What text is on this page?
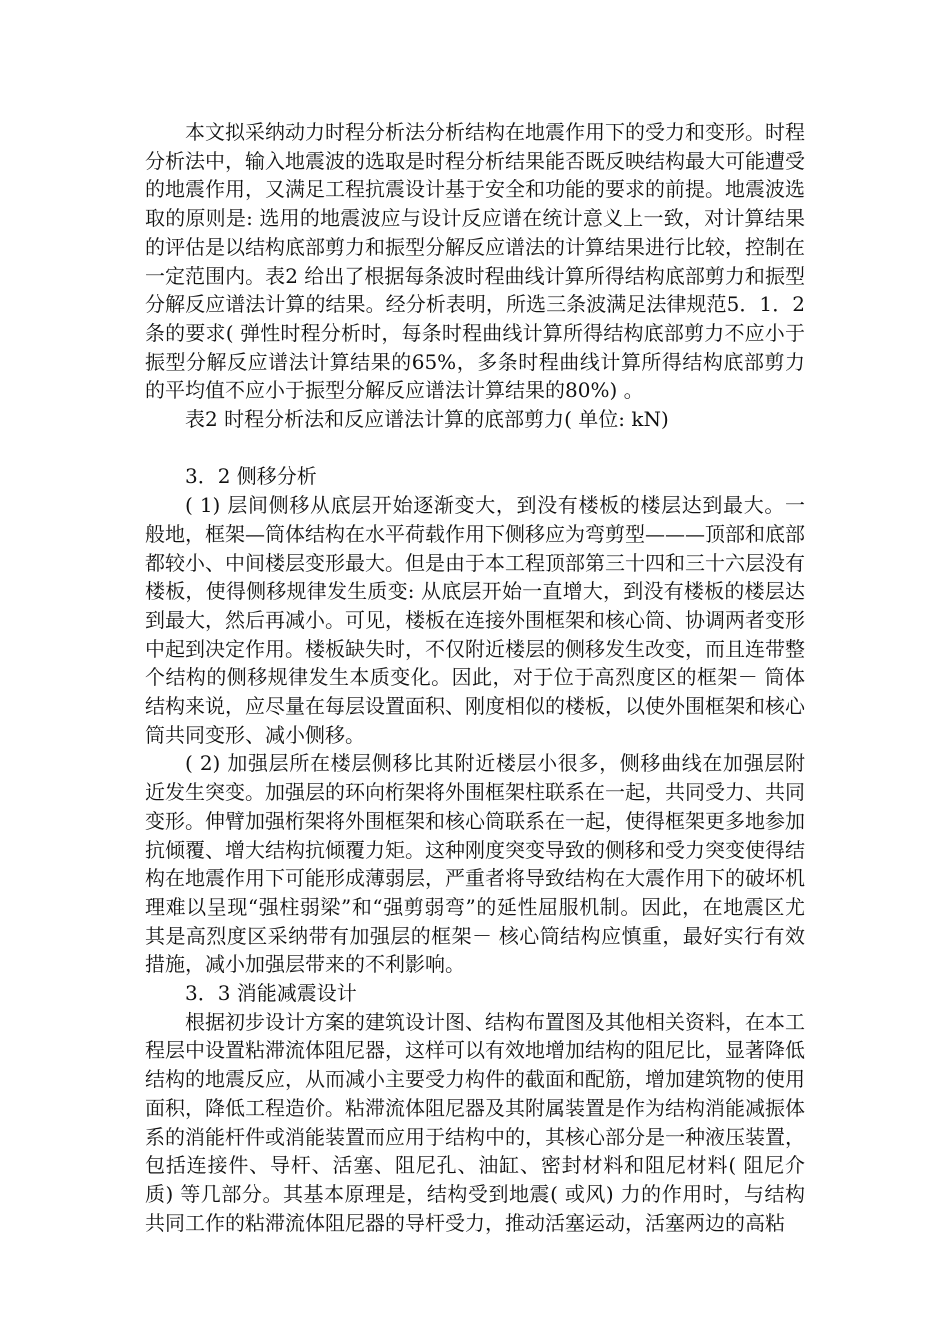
本文拟采纳动力时程分析法分析结构在地震作用下的受力和变形。时程分析法中，输入地震波的选取是时程分析结果能否既反映结构最大可能遭受的地震作用，又满足工程抗震设计基于安全和功能的要求的前提。地震波选取的原则是: 选用的地震波应与设计反应谱在统计意义上一致，对计算结果的评估是以结构底部剪力和振型分解反应谱法的计算结果进行比较，控制在一定范围内。表2 给出了根据每条波时程曲线计算所得结构底部剪力和振型分解反应谱法计算的结果。经分析表明，所选三条波满足法律规范5．1．2 条的要求( 弹性时程分析时，每条时程曲线计算所得结构底部剪力不应小于振型分解反应谱法计算结果的65%，多条时程曲线计算所得结构底部剪力的平均值不应小于振型分解反应谱法计算结果的80%) 。

表2 时程分析法和反应谱法计算的底部剪力( 单位: kN)

3．2 侧移分析

( 1) 层间侧移从底层开始逐渐变大，到没有楼板的楼层达到最大。一般地，框架—筒体结构在水平荷载作用下侧移应为弯剪型———顶部和底部都较小、中间楼层变形最大。但是由于本工程顶部第三十四和三十六层没有楼板，使得侧移规律发生质变: 从底层开始一直增大，到没有楼板的楼层达到最大，然后再减小。可见，楼板在连接外围框架和核心筒、协调两者变形中起到决定作用。楼板缺失时，不仅附近楼层的侧移发生改变，而且连带整个结构的侧移规律发生本质变化。因此，对于位于高烈度区的框架－ 筒体结构来说，应尽量在每层设置面积、刚度相似的楼板，以使外围框架和核心筒共同变形、减小侧移。

( 2) 加强层所在楼层侧移比其附近楼层小很多，侧移曲线在加强层附近发生突变。加强层的环向桁架将外围框架柱联系在一起，共同受力、共同变形。伸臂加强桁架将外围框架和核心筒联系在一起，使得框架更多地参加抗倾覆、增大结构抗倾覆力矩。这种刚度突变导致的侧移和受力突变使得结构在地震作用下可能形成薄弱层，严重者将导致结构在大震作用下的破坏机理难以呈现“强柱弱梁”和“强剪弱弯”的延性屈服机制。因此，在地震区尤其是高烈度区采纳带有加强层的框架－ 核心筒结构应慎重，最好实行有效措施，减小加强层带来的不利影响。

3．3 消能减震设计

根据初步设计方案的建筑设计图、结构布置图及其他相关资料，在本工程层中设置粘滞流体阻尼器，这样可以有效地增加结构的阻尼比，显著降低结构的地震反应，从而减小主要受力构件的截面和配筋，增加建筑物的使用面积，降低工程造价。粘滞流体阻尼器及其附属装置是作为结构消能减振体系的消能杆件或消能装置而应用于结构中的，其核心部分是一种液压装置，包括连接件、导杆、活塞、阻尼孔、油缸、密封材料和阻尼材料( 阻尼介质) 等几部分。其基本原理是，结构受到地震( 或风) 力的作用时，与结构共同工作的粘滞流体阻尼器的导杆受力，推动活塞运动，活塞两边的高粘
